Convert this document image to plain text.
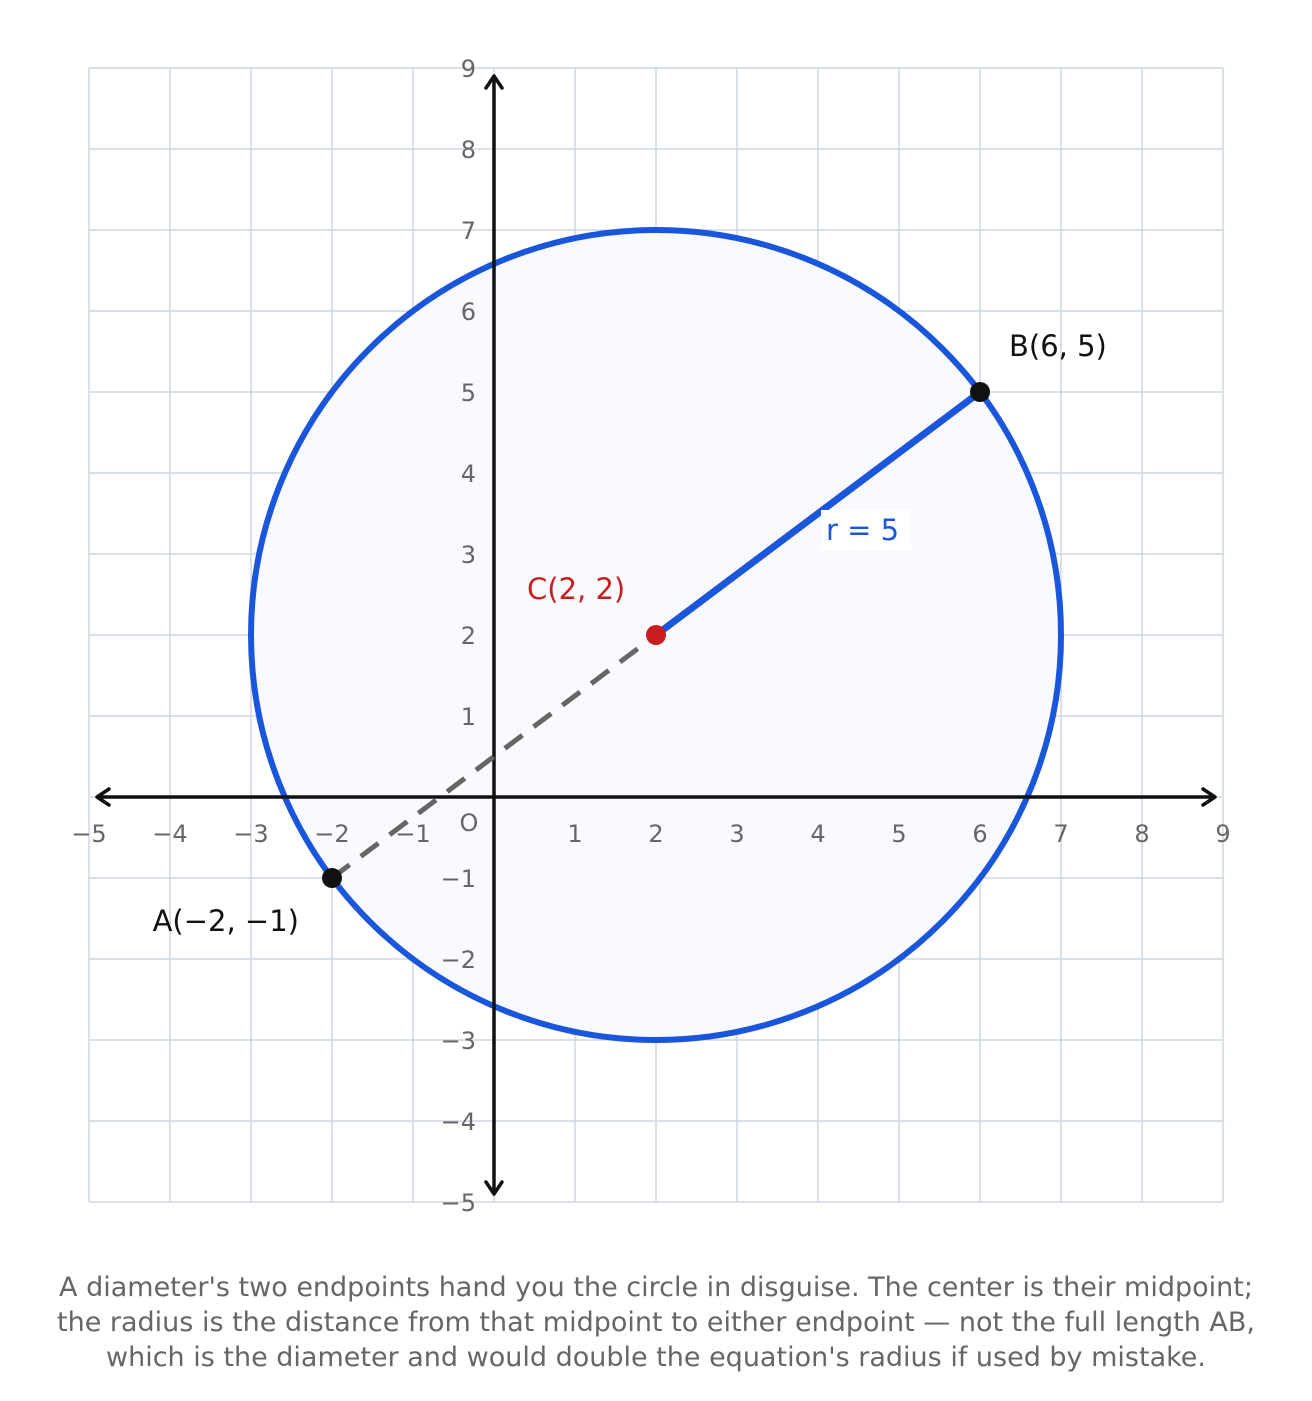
−5 −4 −3 −2 −1	1	2	3	4	5	6	7	8	9
9
8
7
6
5
4
3
2
1
−1
−2
−3
−4
−5
O
r = 5
A(−2, −1)
B(6, 5)
C(2, 2)
A diameter's two endpoints hand you the circle in disguise. The center is their midpoint;
the radius is the distance from that midpoint to either endpoint — not the full length AB,
which is the diameter and would double the equation's radius if used by mistake.
